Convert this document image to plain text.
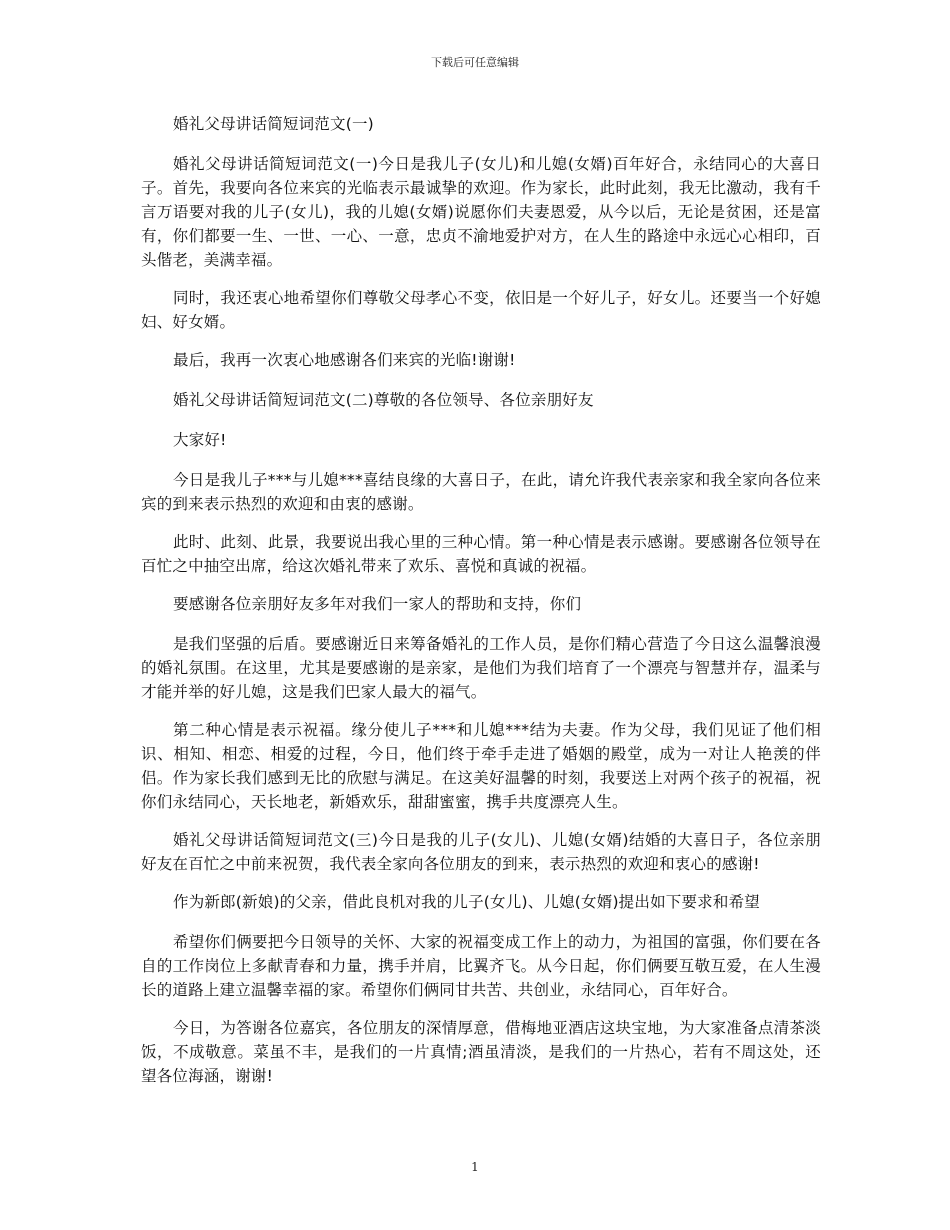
下载后可任意编辑

婚礼父母讲话简短词范文(一)

婚礼父母讲话简短词范文(一)今日是我儿子(女儿)和儿媳(女婿)百年好合，永结同心的大喜日子。首先，我要向各位来宾的光临表示最诚挚的欢迎。作为家长，此时此刻，我无比激动，我有千言万语要对我的儿子(女儿)，我的儿媳(女婿)说愿你们夫妻恩爱，从今以后，无论是贫困，还是富有，你们都要一生、一世、一心、一意，忠贞不渝地爱护对方，在人生的路途中永远心心相印，百头偕老，美满幸福。

同时，我还衷心地希望你们尊敬父母孝心不变，依旧是一个好儿子，好女儿。还要当一个好媳妇、好女婿。

最后，我再一次衷心地感谢各们来宾的光临!谢谢!

婚礼父母讲话简短词范文(二)尊敬的各位领导、各位亲朋好友

大家好!

今日是我儿子***与儿媳***喜结良缘的大喜日子，在此，请允许我代表亲家和我全家向各位来宾的到来表示热烈的欢迎和由衷的感谢。

此时、此刻、此景，我要说出我心里的三种心情。第一种心情是表示感谢。要感谢各位领导在百忙之中抽空出席，给这次婚礼带来了欢乐、喜悦和真诚的祝福。

要感谢各位亲朋好友多年对我们一家人的帮助和支持，你们

是我们坚强的后盾。要感谢近日来筹备婚礼的工作人员，是你们精心营造了今日这么温馨浪漫的婚礼氛围。在这里，尤其是要感谢的是亲家，是他们为我们培育了一个漂亮与智慧并存，温柔与才能并举的好儿媳，这是我们巴家人最大的福气。

第二种心情是表示祝福。缘分使儿子***和儿媳***结为夫妻。作为父母，我们见证了他们相识、相知、相恋、相爱的过程，今日，他们终于牵手走进了婚姻的殿堂，成为一对让人艳羡的伴侣。作为家长我们感到无比的欣慰与满足。在这美好温馨的时刻，我要送上对两个孩子的祝福，祝你们永结同心，天长地老，新婚欢乐，甜甜蜜蜜，携手共度漂亮人生。

婚礼父母讲话简短词范文(三)今日是我的儿子(女儿)、儿媳(女婿)结婚的大喜日子，各位亲朋好友在百忙之中前来祝贺，我代表全家向各位朋友的到来，表示热烈的欢迎和衷心的感谢!

作为新郎(新娘)的父亲，借此良机对我的儿子(女儿)、儿媳(女婿)提出如下要求和希望

希望你们俩要把今日领导的关怀、大家的祝福变成工作上的动力，为祖国的富强，你们要在各自的工作岗位上多献青春和力量，携手并肩，比翼齐飞。从今日起，你们俩要互敬互爱，在人生漫长的道路上建立温馨幸福的家。希望你们俩同甘共苦、共创业，永结同心，百年好合。

今日，为答谢各位嘉宾，各位朋友的深情厚意，借梅地亚酒店这块宝地，为大家准备点清茶淡饭，不成敬意。菜虽不丰，是我们的一片真情;酒虽清淡，是我们的一片热心，若有不周这处，还望各位海涵，谢谢!

1
